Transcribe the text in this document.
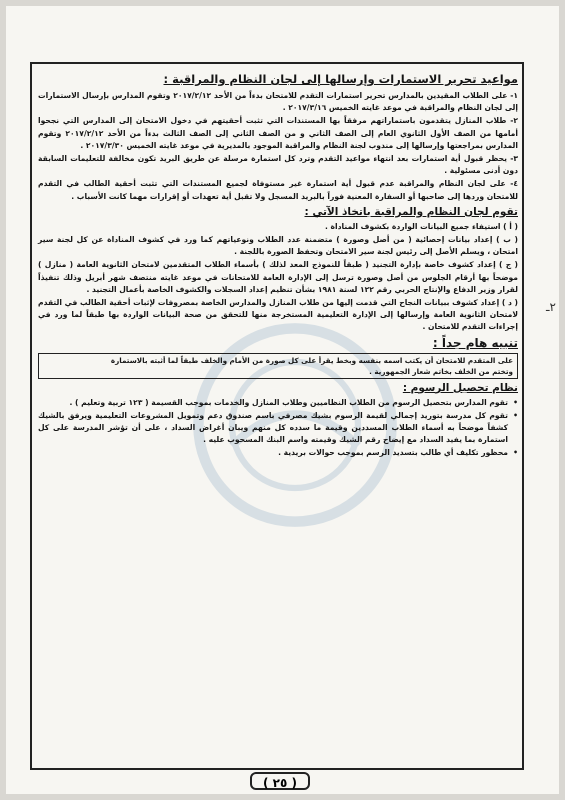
مواعيد تحرير الاستمارات وإرسالها إلى لجان النظام والمراقبة :
١- على الطلاب المقيدين بالمدارس تحرير استمارات التقدم للامتحان بدءاً من الأحد ٢٠١٧/٢/١٢ وتقوم المدارس بإرسال الاستمارات إلى لجان النظام والمراقبة في موعد غايته الخميس ٢٠١٧/٣/١٦ .
٢- طلاب المنازل يتقدمون باستماراتهم مرفقاً بها المستندات التي تثبت أحقيتهم في دخول الامتحان إلى المدارس التي نجحوا أمامها من الصف الأول الثانوي العام إلى الصف الثاني و من الصف الثاني إلى الصف الثالث بدءاً من الأحد ٢٠١٧/٢/١٢ وتقوم المدارس بمراجعتها وإرسالها إلى مندوب لجنة النظام والمراقبة الموجود بالمديرية في موعد غايته الخميس ٢٠١٧/٣/٣٠ .
٣- يحظر قبول أية استمارات بعد انتهاء مواعيد التقدم وترد كل استمارة مرسلة عن طريق البريد تكون مخالفة للتعليمات السابقة دون أدنى مسئولية .
٤- على لجان النظام والمراقبة عدم قبول أية استمارة غير مستوفاة لجميع المستندات التي تثبت أحقية الطالب في التقدم للامتحان وردها إلى صاحبها أو السفارة المعنية فوراً بالبريد المسجل ولا تقبل أية تعهدات أو إقرارات مهما كانت الأسباب .
تقوم لجان النظام والمراقبة باتخاذ الآتي :
( أ ) استيفاء جميع البيانات الواردة بكشوف المناداة .
( ب ) إعداد بيانات إحصائية ( من أصل وصورة ) متضمنة عدد الطلاب ونوعياتهم كما ورد في كشوف المناداة عن كل لجنة سير امتحان ، ويسلم الأصل إلى رئيس لجنة سير الامتحان وتحفظ الصورة باللجنة .
( ج ) إعداد كشوف خاصة بإدارة التجنيد ( طبقاً للنموذج المعد لذلك ) بأسماء الطلاب المتقدمين لامتحان الثانوية العامة ( منازل ) موضحاً بها أرقام الجلوس من أصل وصورة ترسل إلى الإدارة العامة للامتحانات في موعد غايته منتصف شهر أبريل وذلك تنفيذاً لقرار وزير الدفاع والإنتاج الحربي رقم ١٢٢ لسنة ١٩٨١ بشأن تنظيم إعداد السجلات والكشوف الخاصة بأعمال التجنيد .
( د ) إعداد كشوف ببيانات النجاح التي قدمت إليها من طلاب المنازل والمدارس الخاصة بمصروفات لإثبات أحقية الطالب في التقدم لامتحان الثانوية العامة وإرسالها إلى الإدارة التعليمية المستخرجة منها للتحقق من صحة البيانات الواردة بها طبقاً لما ورد في إجراءات التقدم للامتحان .
تنبيه هام جداً :
على المتقدم للامتحان أن يكتب اسمه بنفسه وبخط يقرأ على كل صورة من الأمام والخلف طبقاً لما أثبته بالاستمارة
وتختم من الخلف بخاتم شعار الجمهورية .
نظام تحصيل الرسوم :
•
تقوم المدارس بتحصيل الرسوم من الطلاب النظاميين وطلاب المنازل والخدمات بموجب القسيمة ( ١٢٣ تربية وتعليم ) .
•
تقوم كل مدرسة بتوريد إجمالي لقيمة الرسوم بشيك مصرفي باسم صندوق دعم وتمويل المشروعات التعليمية ويرفق بالشيك كشفاً موضحاً به أسماء الطلاب المسددين وقيمة ما سدده كل منهم ويبان أغراض السداد ، على أن تؤشر المدرسة على كل استمارة بما يفيد السداد مع إيضاح رقم الشيك وقيمته واسم البنك المسحوب عليه .
•
محظور تكليف أي طالب بتسديد الرسم بموجب حوالات بريدية .
٢ـ
( ٢٥ )
